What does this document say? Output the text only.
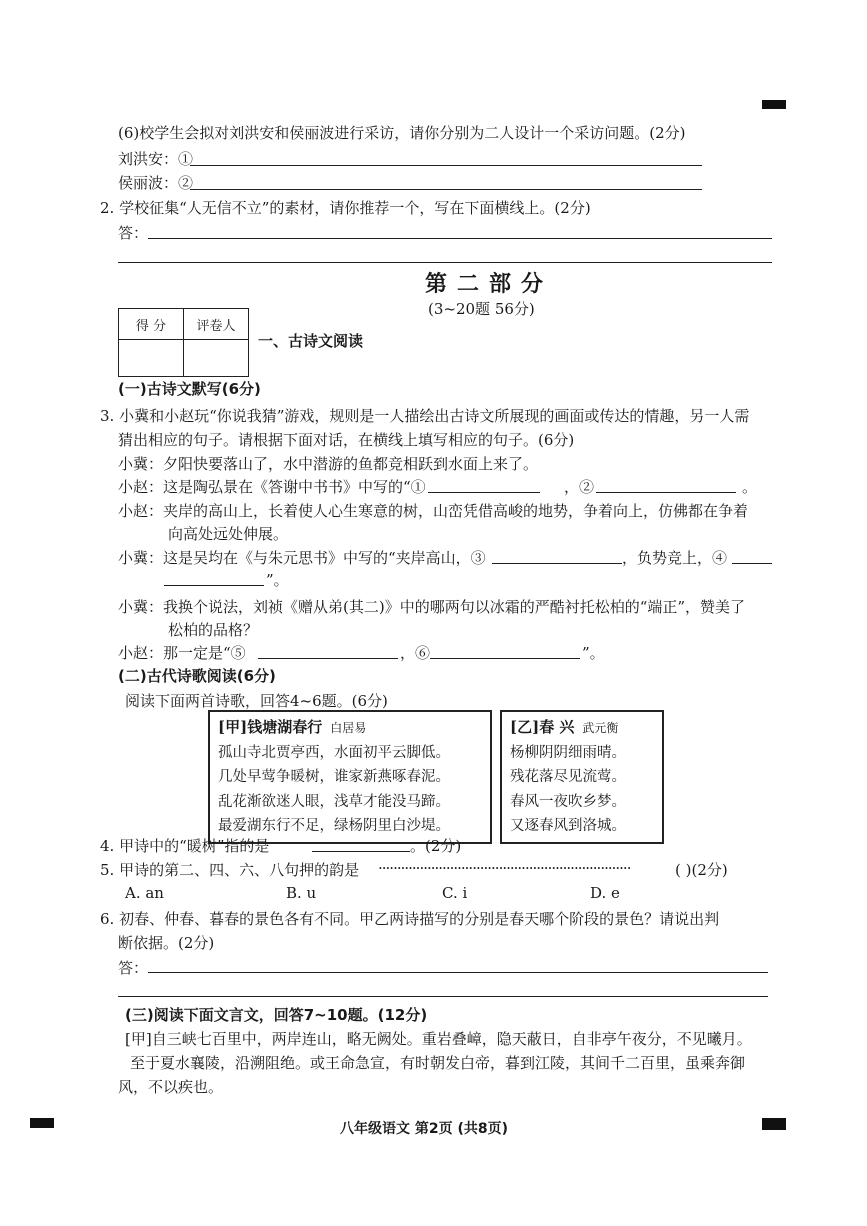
(6)校学生会拟对刘洪安和侯丽波进行采访，请你分别为二人设计一个采访问题。(2分)
刘洪安：①
侯丽波：②
2. 学校征集“人无信不立”的素材，请你推荐一个，写在下面横线上。(2分)
答：
第二部分
(3~20题 56分)
得 分	评卷人

一、古诗文阅读
(一)古诗文默写(6分)
3. 小冀和小赵玩“你说我猜”游戏，规则是一人描绘出古诗文所展现的画面或传达的情趣，另一人需
猜出相应的句子。请根据下面对话，在横线上填写相应的句子。(6分)
小冀：夕阳快要落山了，水中潜游的鱼都竞相跃到水面上来了。
小赵：这是陶弘景在《答谢中书书》中写的“①	，②	。
小赵：夹岸的高山上，长着使人心生寒意的树，山峦凭借高峻的地势，争着向上，仿佛都在争着
向高处远处伸展。
小冀：这是吴均在《与朱元思书》中写的“夹岸高山，③	，负势竞上，④
”。
小冀：我换个说法，刘祯《赠从弟(其二)》中的哪两句以冰霜的严酷衬托松柏的“端正”，赞美了
松柏的品格？
小赵：那一定是“⑤	，⑥	”。
(二)古代诗歌阅读(6分)
阅读下面两首诗歌，回答4~6题。(6分)
[甲]钱塘湖春行 白居易
孤山寺北贾亭西，水面初平云脚低。
几处早莺争暖树，谁家新燕啄春泥。
乱花渐欲迷人眼，浅草才能没马蹄。
最爱湖东行不足，绿杨阴里白沙堤。
[乙]春 兴 武元衡
杨柳阴阴细雨晴。
残花落尽见流莺。
春风一夜吹乡梦。
又逐春风到洛城。
4. 甲诗中的“暖树”指的是	。(2分)
5. 甲诗的第二、四、六、八句押的韵是 ···································································	( )(2分)
A. an	B. u	C. i	D. e
6. 初春、仲春、暮春的景色各有不同。甲乙两诗描写的分别是春天哪个阶段的景色？请说出判
断依据。(2分)
答：
(三)阅读下面文言文，回答7~10题。(12分)
[甲]自三峡七百里中，两岸连山，略无阙处。重岩叠嶂，隐天蔽日，自非亭午夜分，不见曦月。
至于夏水襄陵，沿溯阻绝。或王命急宣，有时朝发白帝，暮到江陵，其间千二百里，虽乘奔御
风，不以疾也。
八年级语文 第2页 (共8页)
